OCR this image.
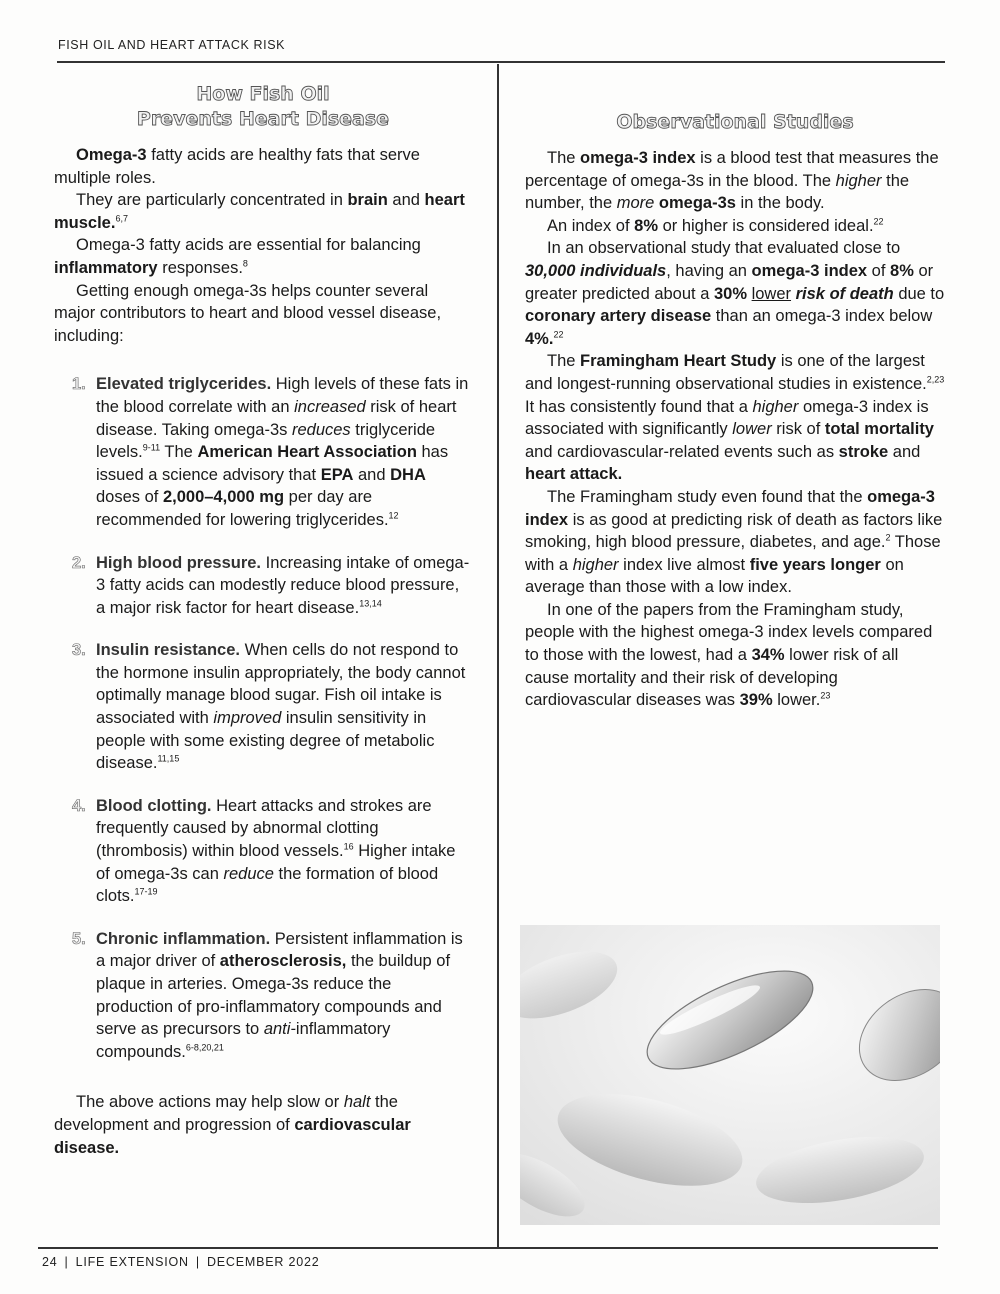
FISH OIL AND HEART ATTACK RISK
How Fish Oil
Prevents Heart Disease

Omega-3 fatty acids are healthy fats that serve multiple roles.

They are particularly concentrated in brain and heart muscle.$^{6,7}$

Omega-3 fatty acids are essential for balancing inflammatory responses.$^8$

Getting enough omega-3s helps counter several major contributors to heart and blood vessel disease, including:

1. Elevated triglycerides. High levels of these fats in the blood correlate with an increased risk of heart disease. Taking omega-3s reduces triglyceride levels.$^{9-11}$ The American Heart Association has issued a science advisory that EPA and DHA doses of 2,000–4,000 mg per day are recommended for lowering triglycerides.$^{12}$
2. High blood pressure. Increasing intake of omega-3 fatty acids can modestly reduce blood pressure, a major risk factor for heart disease.$^{13,14}$
3. Insulin resistance. When cells do not respond to the hormone insulin appropriately, the body cannot optimally manage blood sugar. Fish oil intake is associated with improved insulin sensitivity in people with some existing degree of metabolic disease.$^{11,15}$
4. Blood clotting. Heart attacks and strokes are frequently caused by abnormal clotting (thrombosis) within blood vessels.$^{16}$ Higher intake of omega-3s can reduce the formation of blood clots.$^{17-19}$
5. Chronic inflammation. Persistent inflammation is a major driver of atherosclerosis, the buildup of plaque in arteries. Omega-3s reduce the production of pro-inflammatory compounds and serve as precursors to anti-inflammatory compounds.$^{6-8,20,21}$

The above actions may help slow or halt the development and progression of cardiovascular disease.

Observational Studies

The omega-3 index is a blood test that measures the percentage of omega-3s in the blood. The higher the number, the more omega-3s in the body.

An index of 8% or higher is considered ideal.$^{22}$

In an observational study that evaluated close to 30,000 individuals, having an omega-3 index of 8% or greater predicted about a 30% lower risk of death due to coronary artery disease than an omega-3 index below 4%.$^{22}$

The Framingham Heart Study is one of the largest and longest-running observational studies in existence.$^{2,23}$ It has consistently found that a higher omega-3 index is associated with significantly lower risk of total mortality and cardiovascular-related events such as stroke and heart attack.

The Framingham study even found that the omega-3 index is as good at predicting risk of death as factors like smoking, high blood pressure, diabetes, and age.$^2$ Those with a higher index live almost five years longer on average than those with a low index.

In one of the papers from the Framingham study, people with the highest omega-3 index levels compared to those with the lowest, had a 34% lower risk of all cause mortality and their risk of developing cardiovascular diseases was 39% lower.$^{23}$

24 | LIFE EXTENSION | DECEMBER 2022
